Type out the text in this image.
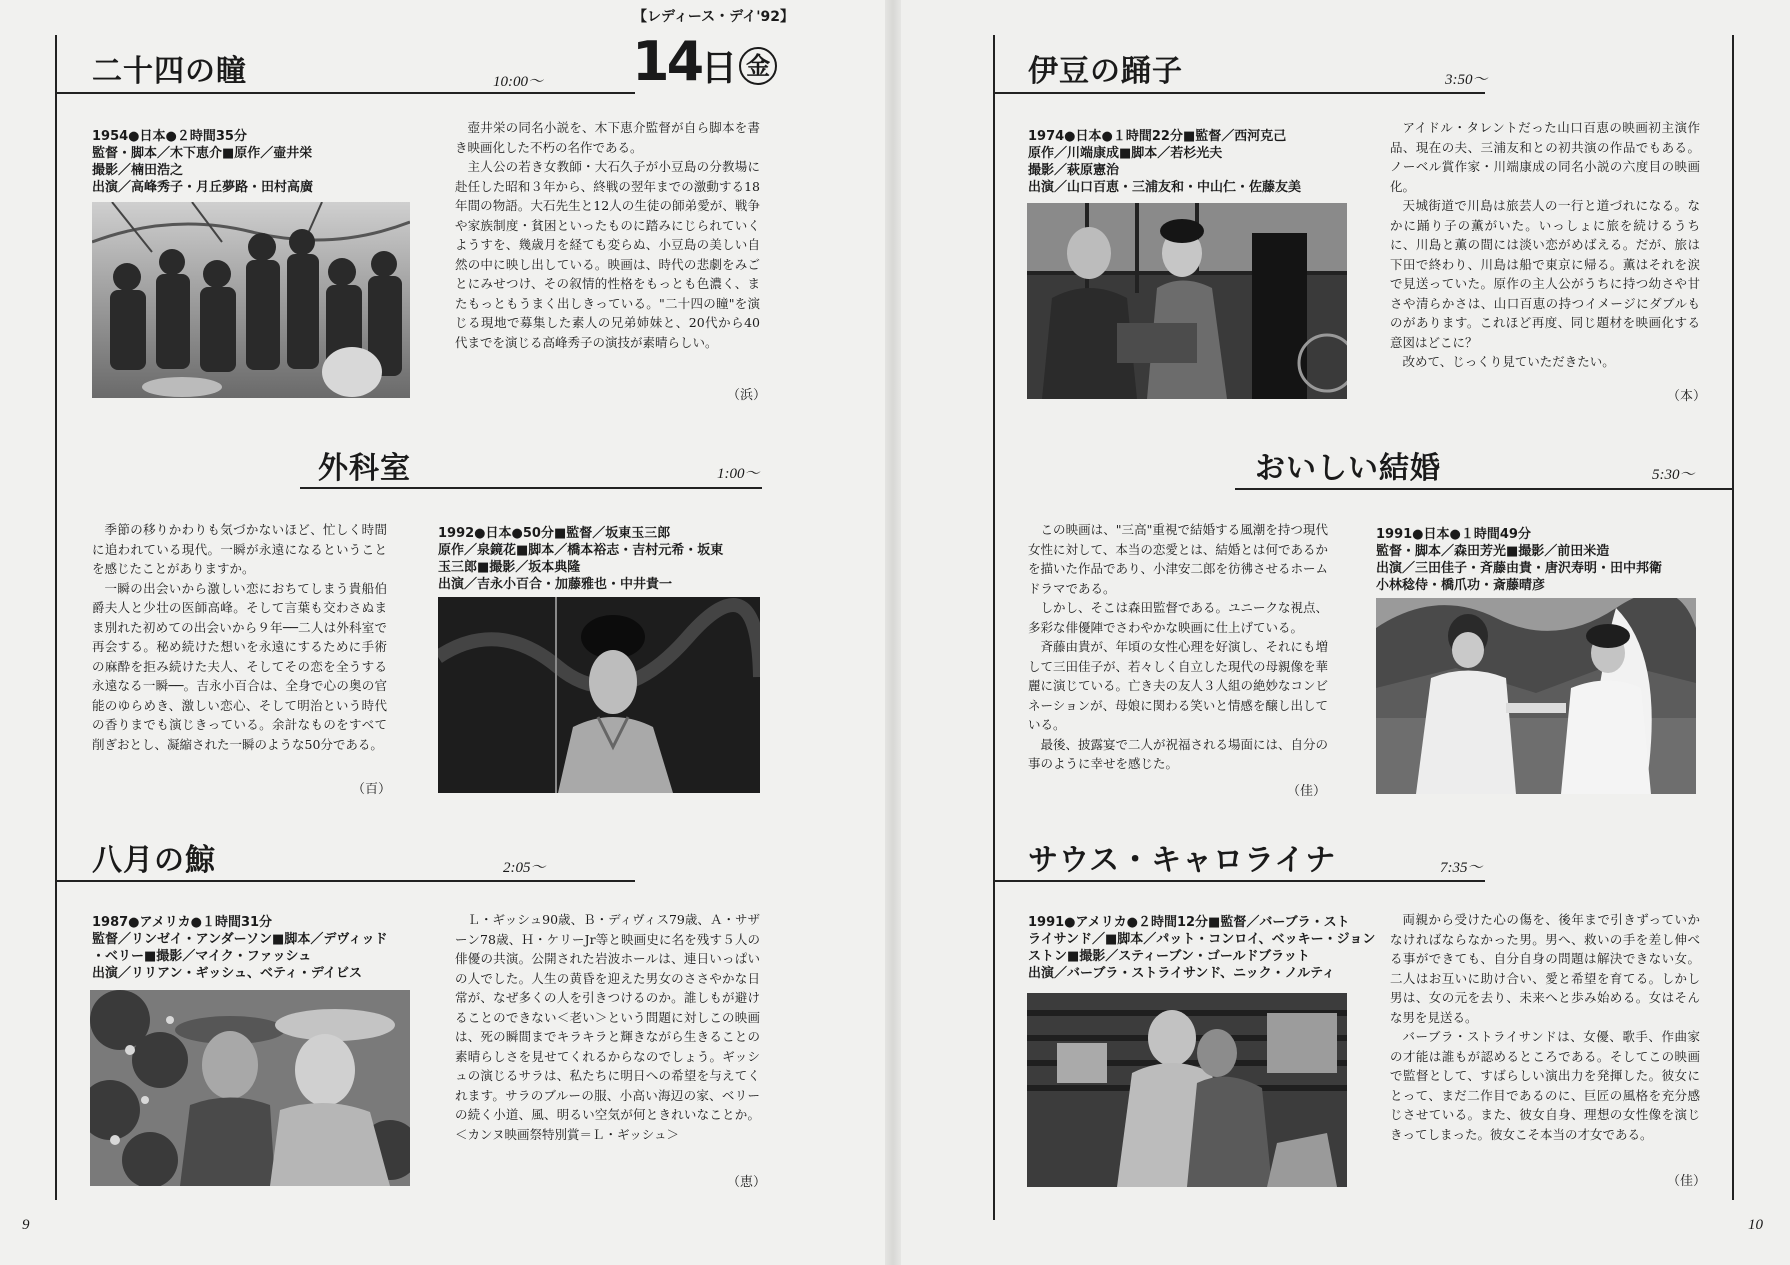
【レディース・デイ'92】
14日 金
二十四の瞳	10:00～
1954●日本●２時間35分
監督・脚本／木下恵介■原作／壷井栄
撮影／楠田浩之
出演／高峰秀子・月丘夢路・田村高廣

壺井栄の同名小説を、木下恵介監督が自ら脚本を書き映画化した不朽の名作である。

主人公の若き女教師・大石久子が小豆島の分教場に赴任した昭和３年から、終戦の翌年までの激動する18年間の物語。大石先生と12人の生徒の師弟愛が、戦争や家族制度・貧困といったものに踏みにじられていくようすを、幾歳月を経ても変らぬ、小豆島の美しい自然の中に映し出している。映画は、時代の悲劇をみごとにみせつけ、その叙情的性格をもっとも色濃く、またもっともうまく出しきっている。"二十四の瞳"を演じる現地で募集した素人の兄弟姉妹と、20代から40代までを演じる高峰秀子の演技が素晴らしい。

（浜）
外科室	1:00～

季節の移りかわりも気づかないほど、忙しく時間に追われている現代。一瞬が永遠になるということを感じたことがありますか。

一瞬の出会いから激しい恋におちてしまう貴船伯爵夫人と少壮の医師高峰。そして言葉も交わさぬまま別れた初めての出会いから９年──二人は外科室で再会する。秘め続けた想いを永遠にするために手術の麻酔を拒み続けた夫人、そしてその恋を全うする永遠なる一瞬──。吉永小百合は、全身で心の奥の官能のゆらめき、激しい恋心、そして明治という時代の香りまでも演じきっている。余計なものをすべて削ぎおとし、凝縮された一瞬のような50分である。

（百）
1992●日本●50分■監督／坂東玉三郎
原作／泉鏡花■脚本／橋本裕志・吉村元希・坂東
玉三郎■撮影／坂本典隆
出演／吉永小百合・加藤雅也・中井貴一
八月の鯨	2:05～
1987●アメリカ●１時間31分
監督／リンゼイ・アンダーソン■脚本／デヴィッド
・ベリー■撮影／マイク・ファッシュ
出演／リリアン・ギッシュ、ベティ・デイビス

Ｌ・ギッシュ90歳、Ｂ・ディヴィス79歳、Ａ・サザーン78歳、Ｈ・ケリーJr等と映画史に名を残す５人の俳優の共演。公開された岩波ホールは、連日いっぱいの人でした。人生の黄昏を迎えた男女のささやかな日常が、なぜ多くの人を引きつけるのか。誰しもが避けることのできない＜老い＞という問題に対しこの映画は、死の瞬間までキラキラと輝きながら生きることの素晴らしさを見せてくれるからなのでしょう。ギッシュの演じるサラは、私たちに明日への希望を与えてくれます。サラのブルーの服、小高い海辺の家、ベリーの続く小道、風、明るい空気が何ときれいなことか。＜カンヌ映画祭特別賞＝Ｌ・ギッシュ＞

（恵）
9
伊豆の踊子	3:50～
1974●日本●１時間22分■監督／西河克己
原作／川端康成■脚本／若杉光夫
撮影／萩原憲治
出演／山口百恵・三浦友和・中山仁・佐藤友美

アイドル・タレントだった山口百恵の映画初主演作品、現在の夫、三浦友和との初共演の作品でもある。ノーベル賞作家・川端康成の同名小説の六度目の映画化。

天城街道で川島は旅芸人の一行と道づれになる。なかに踊り子の薫がいた。いっしょに旅を続けるうちに、川島と薫の間には淡い恋がめばえる。だが、旅は下田で終わり、川島は船で東京に帰る。薫はそれを涙で見送っていた。原作の主人公がうちに持つ幼さや甘さや清らかさは、山口百恵の持つイメージにダブルものがあります。これほど再度、同じ題材を映画化する意図はどこに？

改めて、じっくり見ていただきたい。

（本）
おいしい結婚	5:30～

この映画は、"三高"重視で結婚する風潮を持つ現代女性に対して、本当の恋愛とは、結婚とは何であるかを描いた作品であり、小津安二郎を彷彿させるホームドラマである。

しかし、そこは森田監督である。ユニークな視点、多彩な俳優陣でさわやかな映画に仕上げている。

斉藤由貴が、年頃の女性心理を好演し、それにも増して三田佳子が、若々しく自立した現代の母親像を華麗に演じている。亡き夫の友人３人組の絶妙なコンビネーションが、母娘に関わる笑いと情感を醸し出している。

最後、披露宴で二人が祝福される場面には、自分の事のように幸せを感じた。

（佳）
1991●日本●１時間49分
監督・脚本／森田芳光■撮影／前田米造
出演／三田佳子・斉藤由貴・唐沢寿明・田中邦衛
小林稔侍・橋爪功・斎藤晴彦
サウス・キャロライナ	7:35～
1991●アメリカ●２時間12分■監督／バーブラ・スト
ライサンド／■脚本／パット・コンロイ、ベッキー・ジョン
ストン■撮影／スティーブン・ゴールドブラット
出演／バーブラ・ストライサンド、ニック・ノルティ

両親から受けた心の傷を、後年まで引きずっていかなければならなかった男。男へ、救いの手を差し伸べる事ができても、自分自身の問題は解決できない女。二人はお互いに助け合い、愛と希望を育てる。しかし男は、女の元を去り、未来へと歩み始める。女はそんな男を見送る。

バーブラ・ストライサンドは、女優、歌手、作曲家の才能は誰もが認めるところである。そしてこの映画で監督として、すばらしい演出力を発揮した。彼女にとって、まだ二作目であるのに、巨匠の風格を充分感じさせている。また、彼女自身、理想の女性像を演じきってしまった。彼女こそ本当の才女である。

（佳）
10
